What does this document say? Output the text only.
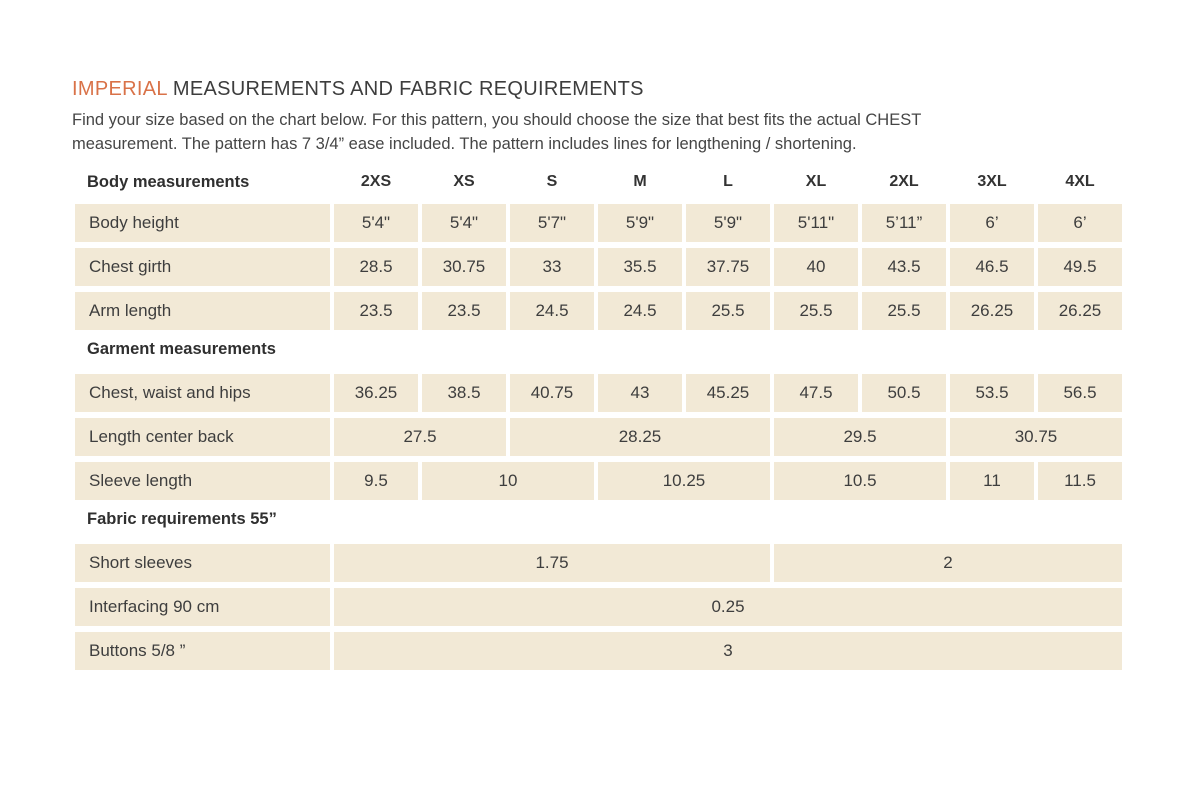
IMPERIAL MEASUREMENTS AND FABRIC REQUIREMENTS
Find your size based on the chart below. For this pattern, you should choose the size that best fits the actual CHEST
measurement. The pattern has 7 3/4” ease included. The pattern includes lines for lengthening / shortening.
Body measurements	2XS	XS	S	M	L	XL	2XL	3XL	4XL
Body height	5'4"	5'4"	5'7"	5'9"	5'9"	5'11"	5’11”	6’	6’
Chest girth	28.5	30.75	33	35.5	37.75	40	43.5	46.5	49.5
Arm length	23.5	23.5	24.5	24.5	25.5	25.5	25.5	26.25	26.25
Garment measurements
Chest, waist and hips	36.25	38.5	40.75	43	45.25	47.5	50.5	53.5	56.5
Length center back	27.5	28.25	29.5	30.75
Sleeve length	9.5	10	10.25	10.5	11	11.5
Fabric requirements 55”
Short sleeves	1.75	2
Interfacing 90 cm	0.25
Buttons 5/8 ”	3
